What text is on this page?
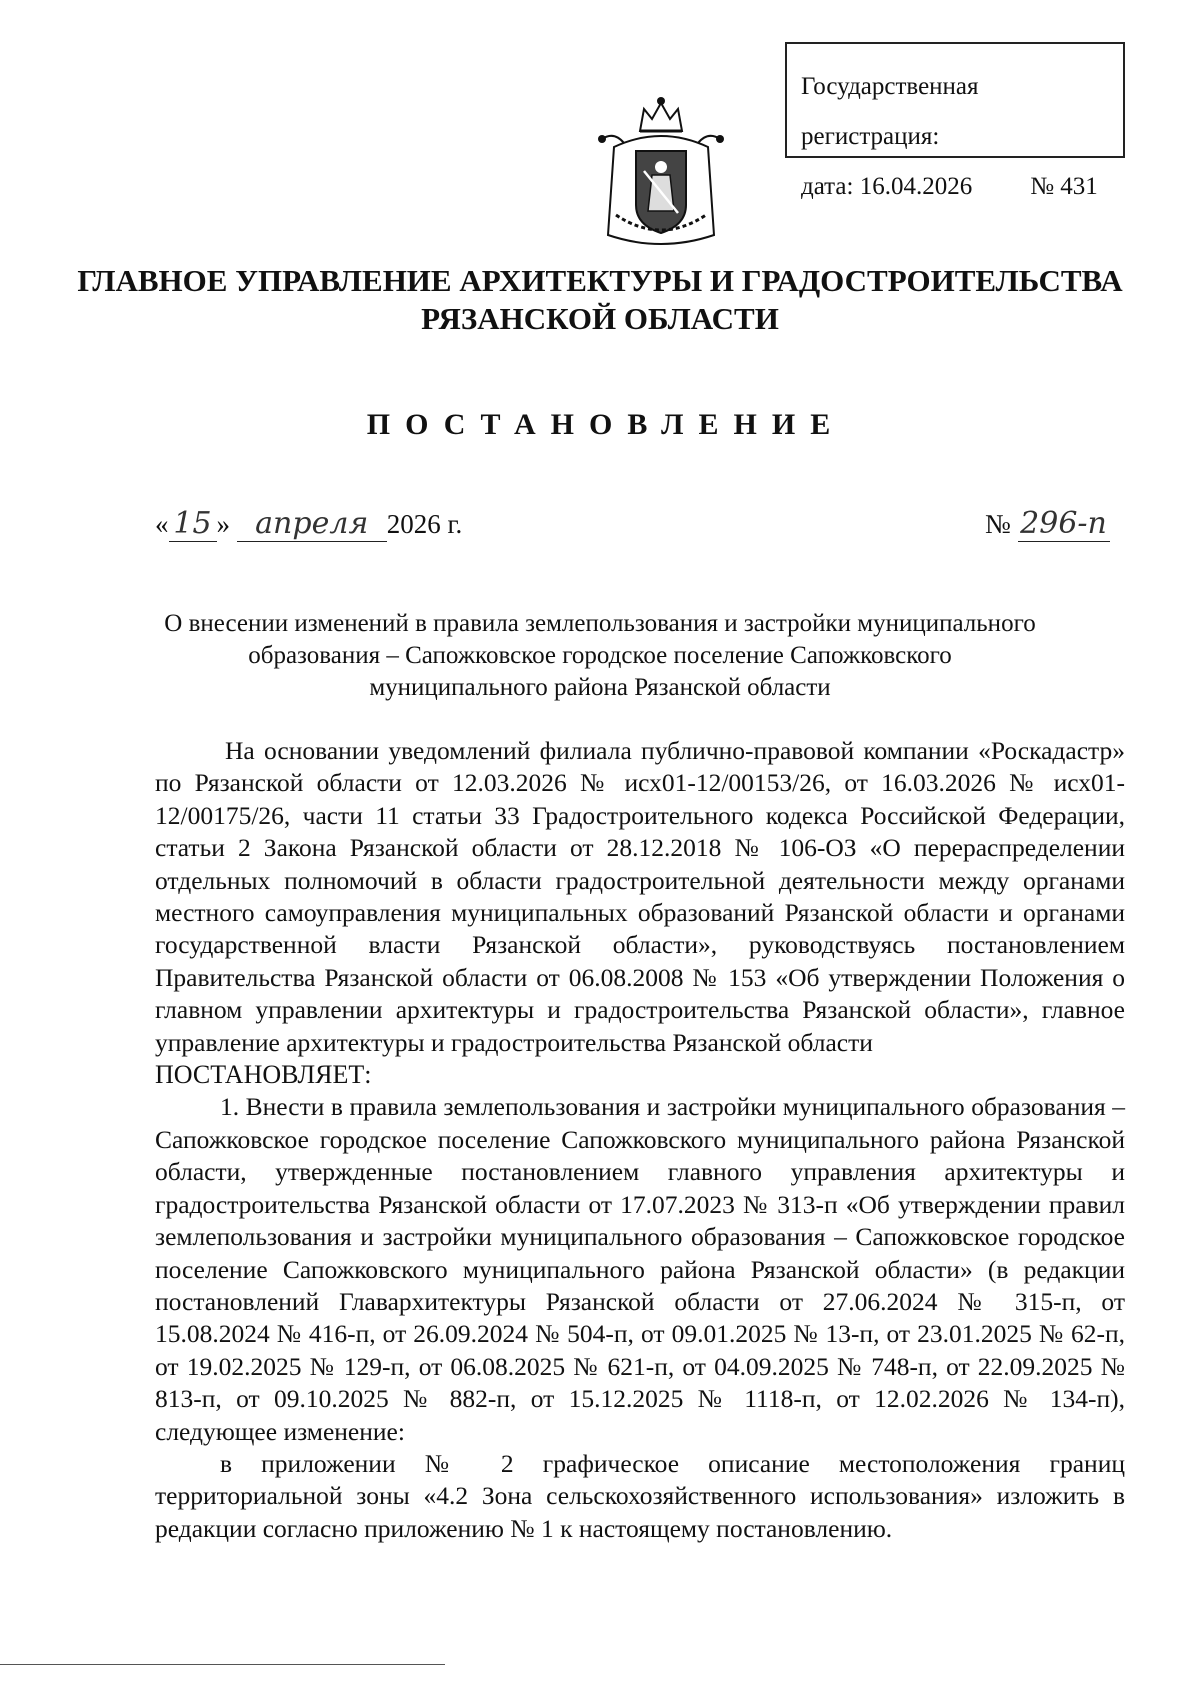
Государственная регистрация:
дата: 16.04.2026 № 431
ГЛАВНОЕ УПРАВЛЕНИЕ АРХИТЕКТУРЫ И ГРАДОСТРОИТЕЛЬСТВА
РЯЗАНСКОЙ ОБЛАСТИ
ПОСТАНОВЛЕНИЕ
« 15 » апреля 2026 г.	№ 296-п
О внесении изменений в правила землепользования и застройки муниципального
образования – Сапожковское городское поселение Сапожковского
муниципального района Рязанской области

На основании уведомлений филиала публично-правовой компании «Роскадастр» по Рязанской области от 12.03.2026 № исх01-12/00153/26, от 16.03.2026 № исх01-12/00175/26, части 11 статьи 33 Градостроительного кодекса Российской Федерации, статьи 2 Закона Рязанской области от 28.12.2018 № 106-ОЗ «О перераспределении отдельных полномочий в области градостроительной деятельности между органами местного самоуправления муниципальных образований Рязанской области и органами государственной власти Рязанской области», руководствуясь постановлением Правительства Рязанской области от 06.08.2008 № 153 «Об утверждении Положения о главном управлении архитектуры и градостроительства Рязанской области», главное управление архитектуры и градостроительства Рязанской области

ПОСТАНОВЛЯЕТ:

1. Внести в правила землепользования и застройки муниципального образования – Сапожковское городское поселение Сапожковского муниципального района Рязанской области, утвержденные постановлением главного управления архитектуры и градостроительства Рязанской области от 17.07.2023 № 313-п «Об утверждении правил землепользования и застройки муниципального образования – Сапожковское городское поселение Сапожковского муниципального района Рязанской области» (в редакции постановлений Главархитектуры Рязанской области от 27.06.2024 № 315-п, от 15.08.2024 № 416-п, от 26.09.2024 № 504-п, от 09.01.2025 № 13-п, от 23.01.2025 № 62-п, от 19.02.2025 № 129-п, от 06.08.2025 № 621-п, от 04.09.2025 № 748-п, от 22.09.2025 № 813-п, от 09.10.2025 № 882-п, от 15.12.2025 № 1118-п, от 12.02.2026 № 134-п), следующее изменение:

в приложении № 2 графическое описание местоположения границ территориальной зоны «4.2 Зона сельскохозяйственного использования» изложить в редакции согласно приложению № 1 к настоящему постановлению.
